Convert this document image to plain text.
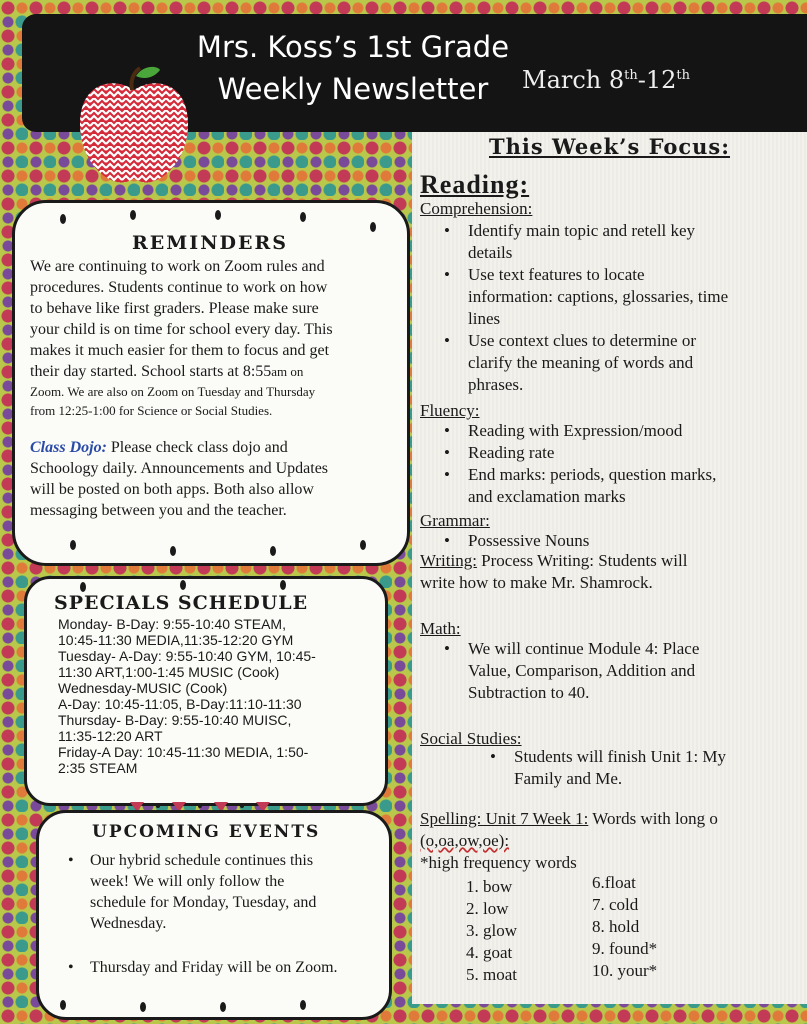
Mrs. Koss’s 1st Grade
Weekly Newsletter	March 8th-12th
REMINDERS
We are continuing to work on Zoom rules and
procedures. Students continue to work on how
to behave like first graders. Please make sure
your child is on time for school every day. This
makes it much easier for them to focus and get
their day started. School starts at 8:55am on
Zoom. We are also on Zoom on Tuesday and Thursday
from 12:25-1:00 for Science or Social Studies.
Class Dojo: Please check class dojo and
Schoology daily. Announcements and Updates
will be posted on both apps. Both also allow
messaging between you and the teacher.
SPECIALS SCHEDULE
Monday- B-Day: 9:55-10:40 STEAM,
10:45-11:30 MEDIA,11:35-12:20 GYM
Tuesday- A-Day: 9:55-10:40 GYM, 10:45-
11:30 ART,1:00-1:45 MUSIC (Cook)
Wednesday-MUSIC (Cook)
A-Day: 10:45-11:05, B-Day:11:10-11:30
Thursday- B-Day: 9:55-10:40 MUISC,
11:35-12:20 ART
Friday-A Day: 10:45-11:30 MEDIA, 1:50-
2:35 STEAM
UPCOMING EVENTS
• Our hybrid schedule continues this
week! We will only follow the
schedule for Monday, Tuesday, and
Wednesday.
• Thursday and Friday will be on Zoom.
This Week’s Focus:
Reading:
Comprehension:
• Identify main topic and retell key
details
• Use text features to locate
information: captions, glossaries, time
lines
• Use context clues to determine or
clarify the meaning of words and
phrases.
Fluency:
• Reading with Expression/mood
• Reading rate
• End marks: periods, question marks,
and exclamation marks
Grammar:
• Possessive Nouns
Writing: Process Writing: Students will
write how to make Mr. Shamrock.
Math:
• We will continue Module 4: Place
Value, Comparison, Addition and
Subtraction to 40.
Social Studies:
• Students will finish Unit 1: My
Family and Me.
Spelling: Unit 7 Week 1: Words with long o
(o,oa,ow,oe):
*high frequency words
1. bow
2. low
3. glow
4. goat
5. moat
6.float
7. cold
8. hold
9. found*
10. your*
